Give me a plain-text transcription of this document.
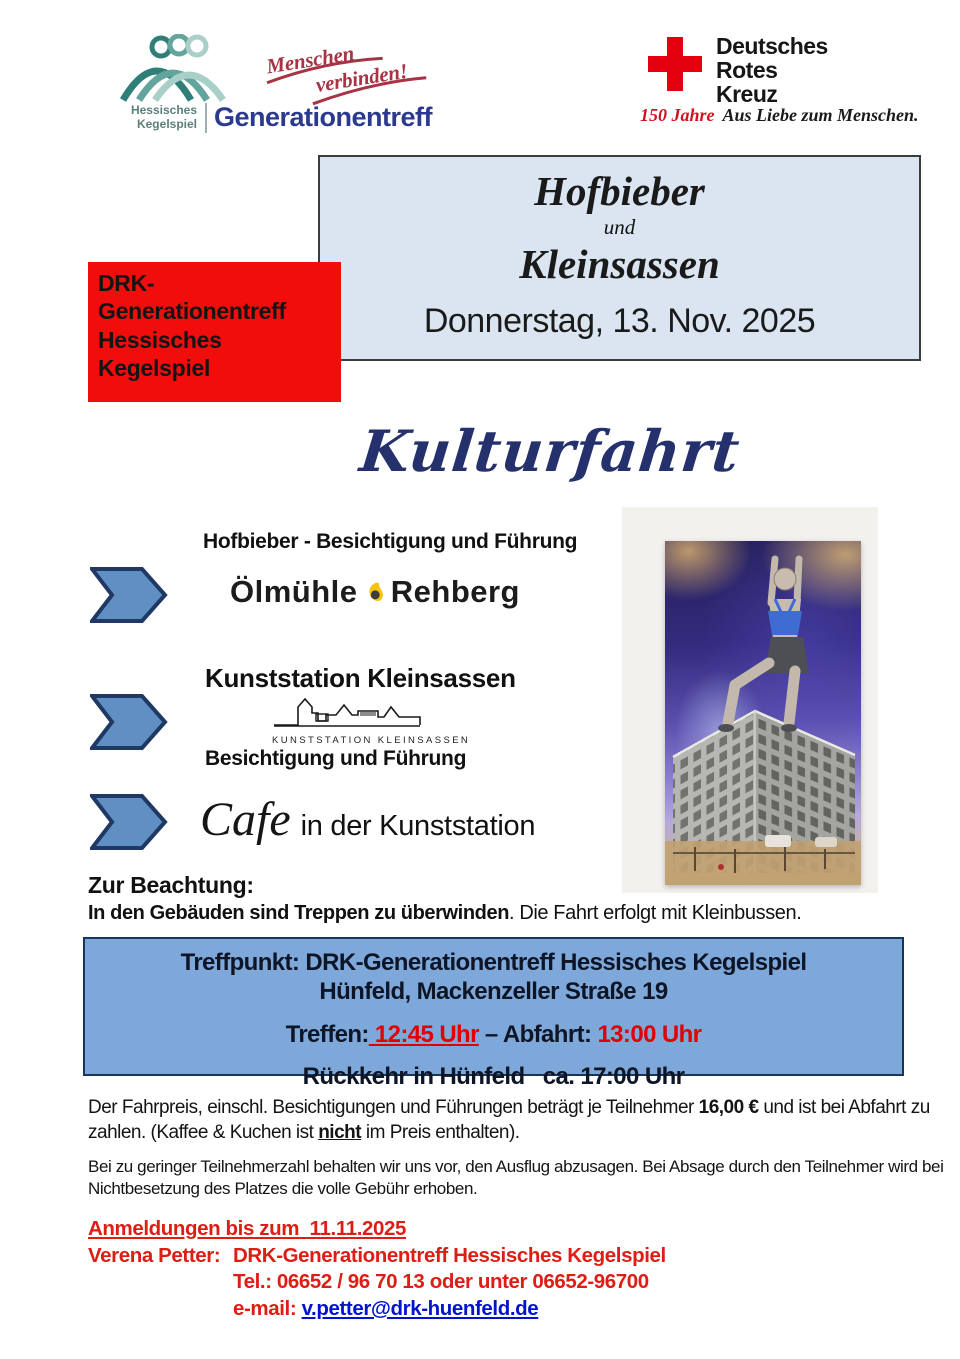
Menschen
verbinden!
Hessisches
Kegelspiel Generationentreff
Deutsches
Rotes
Kreuz
150 Jahre Aus Liebe zum Menschen.
Hofbieber
und
Kleinsassen
Donnerstag, 13. Nov. 2025
DRK-
Generationentreff
Hessisches
Kegelspiel
Kulturfahrt
Hofbieber - Besichtigung und Führung
Ölmühle Rehberg
Kunststation Kleinsassen
KUNSTSTATION KLEINSASSEN
Besichtigung und Führung
Cafe in der Kunststation
Zur Beachtung:
In den Gebäuden sind Treppen zu überwinden. Die Fahrt erfolgt mit Kleinbussen.
Treffpunkt: DRK-Generationentreff Hessisches Kegelspiel
Hünfeld, Mackenzeller Straße 19
Treffen: 12:45 Uhr – Abfahrt: 13:00 Uhr
Rückkehr in Hünfeld   ca. 17:00 Uhr
Der Fahrpreis, einschl. Besichtigungen und Führungen beträgt je Teilnehmer 16,00 € und ist bei Abfahrt zu zahlen. (Kaffee & Kuchen ist nicht im Preis enthalten).
Bei zu geringer Teilnehmerzahl behalten wir uns vor, den Ausflug abzusagen. Bei Absage durch den Teilnehmer wird bei Nichtbesetzung des Platzes die volle Gebühr erhoben.
Anmeldungen bis zum  11.11.2025
Verena Petter: DRK-Generationentreff Hessisches Kegelspiel
Tel.: 06652 / 96 70 13 oder unter 06652-96700
e-mail: v.petter@drk-huenfeld.de
